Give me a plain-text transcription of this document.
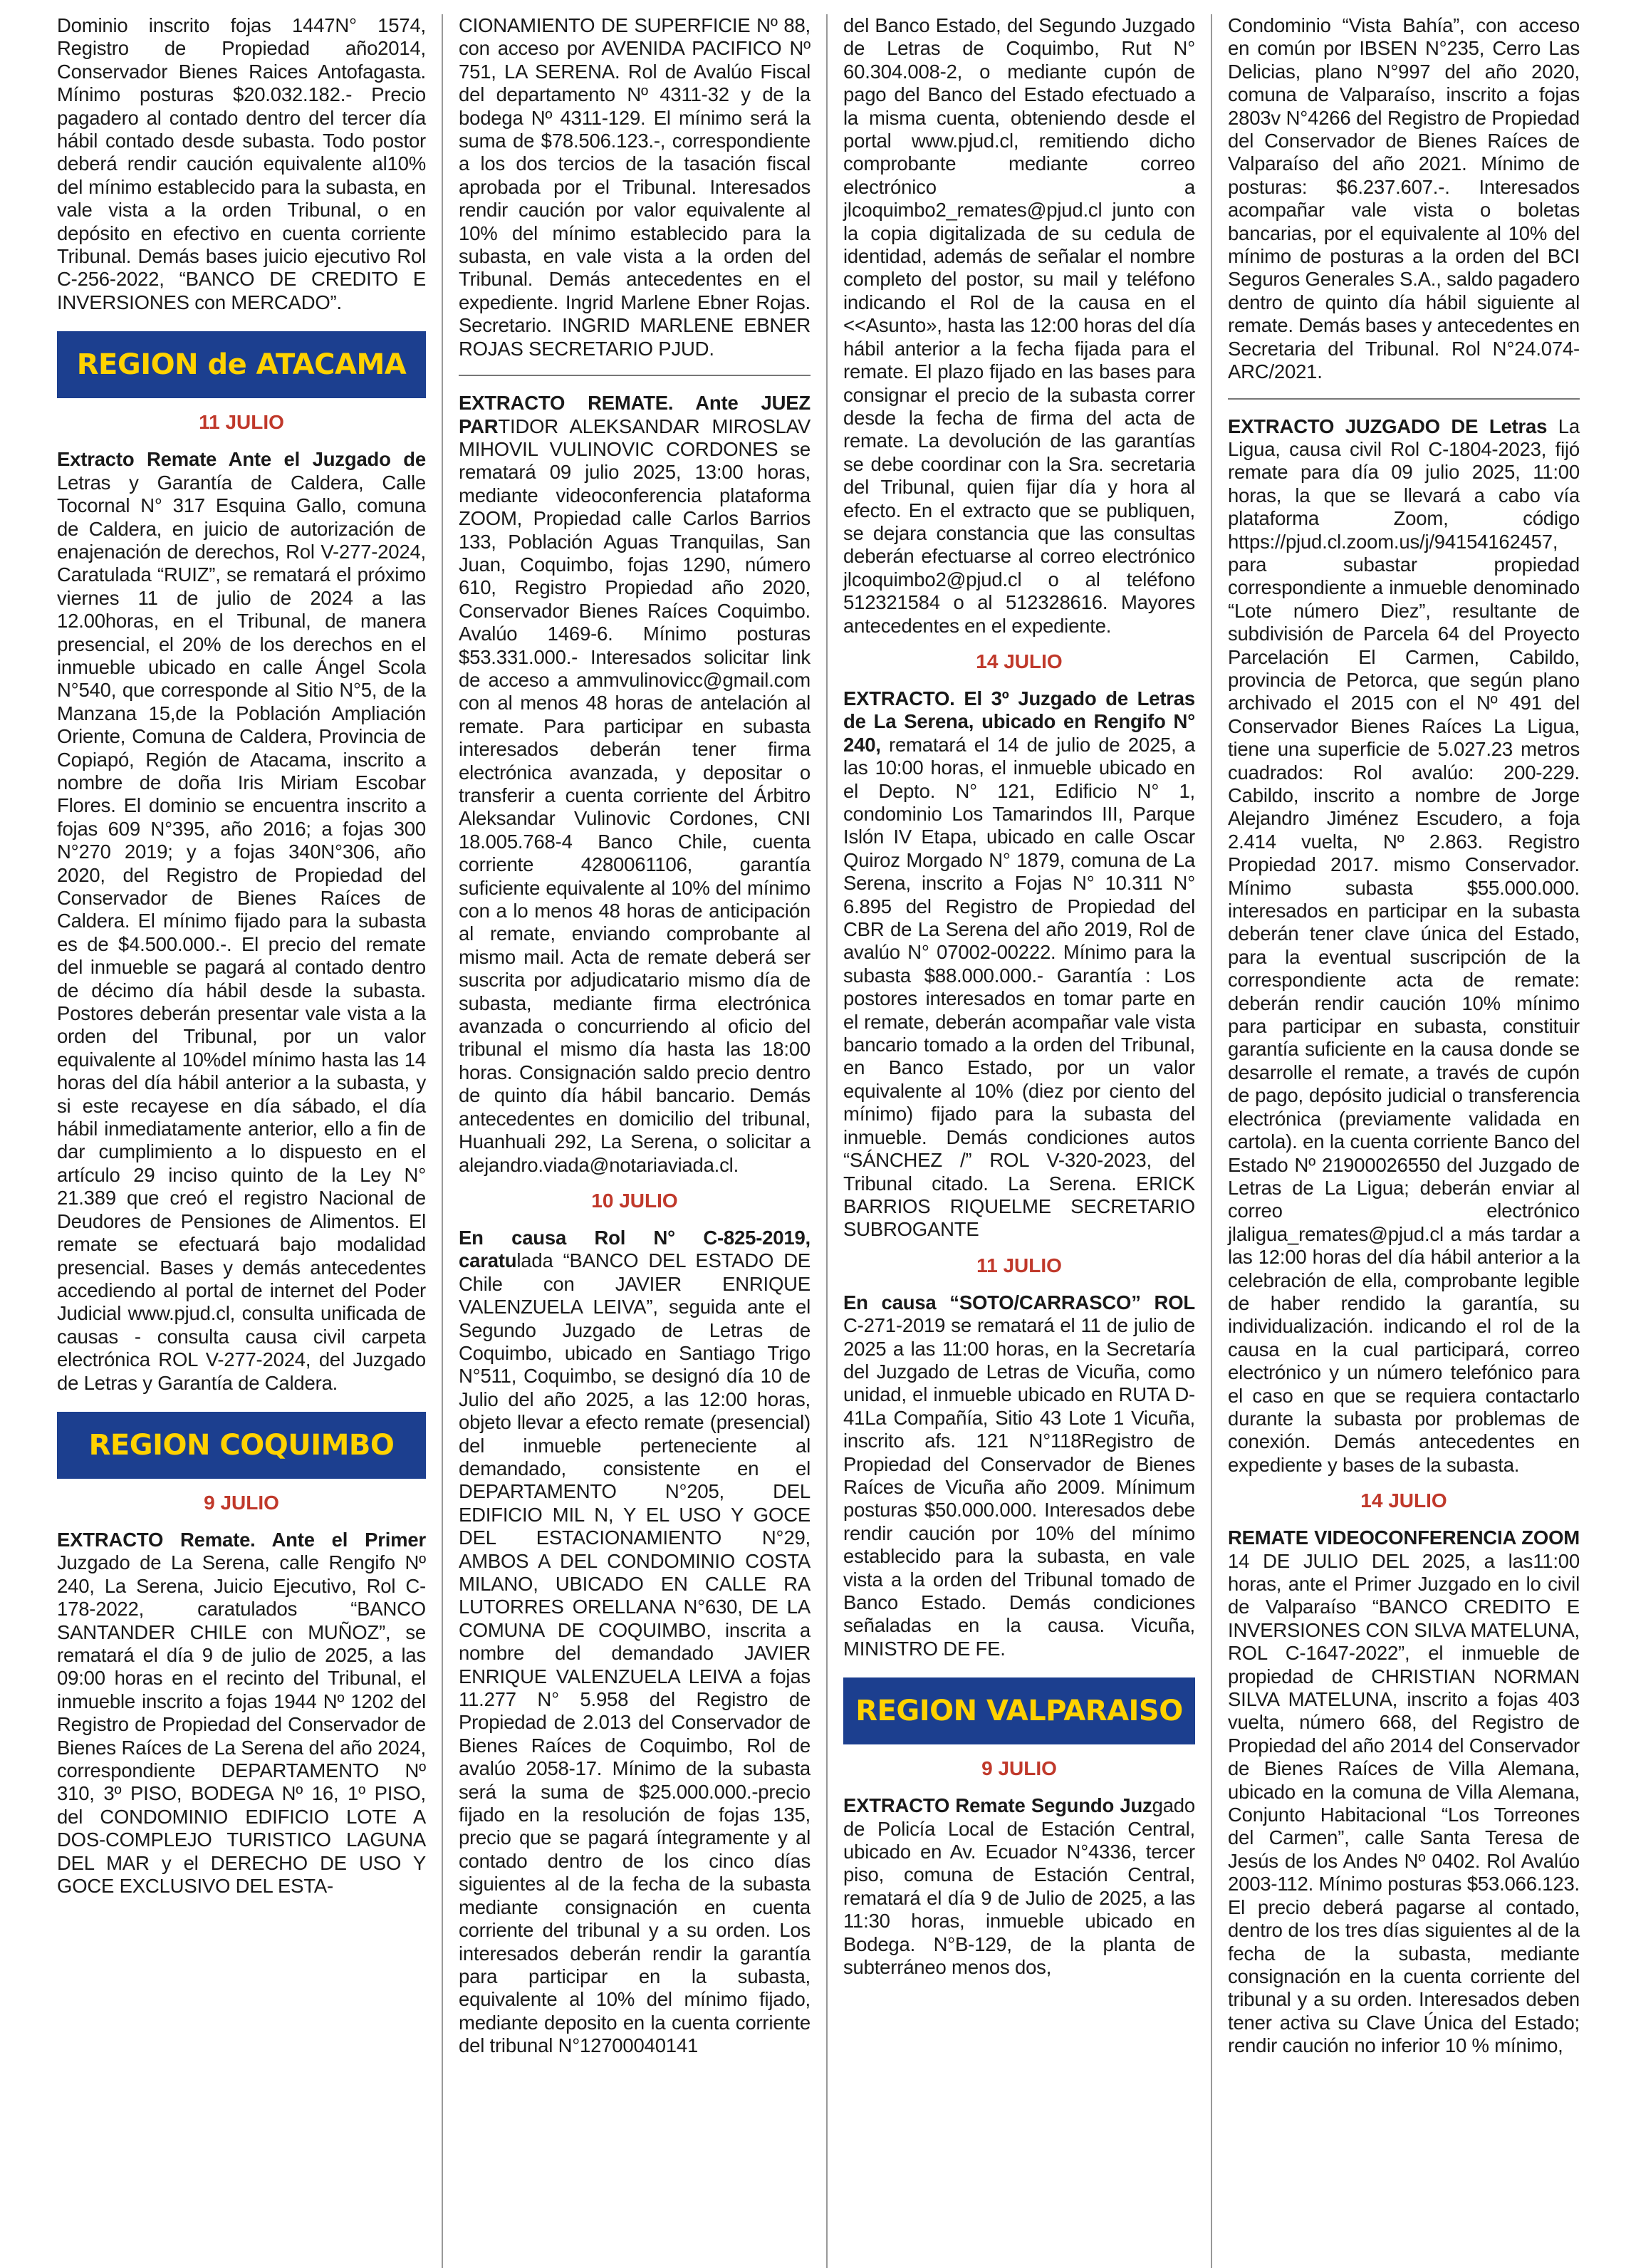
Dominio inscrito fojas 1447N° 1574, Registro de Propiedad año2014, Conservador Bienes Raices Antofagasta. Mínimo posturas $20.032.182.- Precio pagadero al contado dentro del tercer día hábil contado desde subasta. Todo postor deberá rendir caución equivalente al10% del mínimo establecido para la subasta, en vale vista a la orden Tribunal, o en depósito en efectivo en cuenta corriente Tribunal. Demás bases juicio ejecutivo Rol C-256-2022, “BANCO DE CREDITO E INVERSIONES con MERCADO”.

REGION de ATACAMA
11 JULIO

Extracto Remate Ante el Juzgado de Letras y Garantía de Caldera, Calle Tocornal N° 317 Esquina Gallo, comuna de Caldera, en juicio de autorización de enajenación de derechos, Rol V-277-2024, Caratulada “RUIZ”, se rematará el próximo viernes 11 de julio de 2024 a las 12.00horas, en el Tribunal, de manera presencial, el 20% de los derechos en el inmueble ubicado en calle Ángel Scola N°540, que corresponde al Sitio N°5, de la Manzana 15,de la Población Ampliación Oriente, Comuna de Caldera, Provincia de Copiapó, Región de Atacama, inscrito a nombre de doña Iris Miriam Escobar Flores. El dominio se encuentra inscrito a fojas 609 N°395, año 2016; a fojas 300 N°270 2019; y a fojas 340N°306, año 2020, del Registro de Propiedad del Conservador de Bienes Raíces de Caldera. El mínimo fijado para la subasta es de $4.500.000.-. El precio del remate del inmueble se pagará al contado dentro de décimo día hábil desde la subasta. Postores deberán presentar vale vista a la orden del Tribunal, por un valor equivalente al 10%del mínimo hasta las 14 horas del día hábil anterior a la subasta, y si este recayese en día sábado, el día hábil inmediatamente anterior, ello a fin de dar cumplimiento a lo dispuesto en el artículo 29 inciso quinto de la Ley N° 21.389 que creó el registro Nacional de Deudores de Pensiones de Alimentos. El remate se efectuará bajo modalidad presencial. Bases y demás antecedentes accediendo al portal de internet del Poder Judicial www.pjud.cl, consulta unificada de causas - consulta causa civil carpeta electrónica ROL V-277-2024, del Juzgado de Letras y Garantía de Caldera.

REGION COQUIMBO
9 JULIO

EXTRACTO Remate. Ante el Primer Juzgado de La Serena, calle Rengifo Nº 240, La Serena, Juicio Ejecutivo, Rol C-178-2022, caratulados “BANCO SANTANDER CHILE con MUÑOZ”, se rematará el día 9 de julio de 2025, a las 09:00 horas en el recinto del Tribunal, el inmueble inscrito a fojas 1944 Nº 1202 del Registro de Propiedad del Conservador de Bienes Raíces de La Serena del año 2024, correspondiente DEPARTAMENTO Nº 310, 3º PISO, BODEGA Nº 16, 1º PISO, del CONDOMINIO EDIFICIO LOTE A DOS-COMPLEJO TURISTICO LAGUNA DEL MAR y el DERECHO DE USO Y GOCE EXCLUSIVO DEL ESTA-

CIONAMIENTO DE SUPERFICIE Nº 88, con acceso por AVENIDA PACIFICO Nº 751, LA SERENA. Rol de Avalúo Fiscal del departamento Nº 4311-32 y de la bodega Nº 4311-129. El mínimo será la suma de $78.506.123.-, correspondiente a los dos tercios de la tasación fiscal aprobada por el Tribunal. Interesados rendir caución por valor equivalente al 10% del mínimo establecido para la subasta, en vale vista a la orden del Tribunal. Demás antecedentes en el expediente. Ingrid Marlene Ebner Rojas. Secretario. INGRID MARLENE EBNER ROJAS SECRETARIO PJUD.

EXTRACTO REMATE. Ante JUEZ PARTIDOR ALEKSANDAR MIROSLAV MIHOVIL VULINOVIC CORDONES se rematará 09 julio 2025, 13:00 horas, mediante videoconferencia plataforma ZOOM, Propiedad calle Carlos Barrios 133, Población Aguas Tranquilas, San Juan, Coquimbo, fojas 1290, número 610, Registro Propiedad año 2020, Conservador Bienes Raíces Coquimbo. Avalúo 1469-6. Mínimo posturas $53.331.000.- Interesados solicitar link de acceso a ammvulinovicc@gmail.com con al menos 48 horas de antelación al remate. Para participar en subasta interesados deberán tener firma electrónica avanzada, y depositar o transferir a cuenta corriente del Árbitro Aleksandar Vulinovic Cordones, CNI 18.005.768-4 Banco Chile, cuenta corriente 4280061106, garantía suficiente equivalente al 10% del mínimo con a lo menos 48 horas de anticipación al remate, enviando comprobante al mismo mail. Acta de remate deberá ser suscrita por adjudicatario mismo día de subasta, mediante firma electrónica avanzada o concurriendo al oficio del tribunal el mismo día hasta las 18:00 horas. Consignación saldo precio dentro de quinto día hábil bancario. Demás antecedentes en domicilio del tribunal, Huanhuali 292, La Serena, o solicitar a alejandro.viada@notariaviada.cl.

10 JULIO

En causa Rol N° C-825-2019, caratulada “BANCO DEL ESTADO DE Chile con JAVIER ENRIQUE VALENZUELA LEIVA”, seguida ante el Segundo Juzgado de Letras de Coquimbo, ubicado en Santiago Trigo N°511, Coquimbo, se designó día 10 de Julio del año 2025, a las 12:00 horas, objeto llevar a efecto remate (presencial) del inmueble perteneciente al demandado, consistente en el DEPARTAMENTO N°205, DEL EDIFICIO MIL N, Y EL USO Y GOCE DEL ESTACIONAMIENTO N°29, AMBOS A DEL CONDOMINIO COSTA MILANO, UBICADO EN CALLE RA LUTORRES ORELLANA N°630, DE LA COMUNA DE COQUIMBO, inscrita a nombre del demandado JAVIER ENRIQUE VALENZUELA LEIVA a fojas 11.277 N° 5.958 del Registro de Propiedad de 2.013 del Conservador de Bienes Raíces de Coquimbo, Rol de avalúo 2058-17. Mínimo de la subasta será la suma de $25.000.000.-precio fijado en la resolución de fojas 135, precio que se pagará íntegramente y al contado dentro de los cinco días siguientes al de la fecha de la subasta mediante consignación en cuenta corriente del tribunal y a su orden. Los interesados deberán rendir la garantía para participar en la subasta, equivalente al 10% del mínimo fijado, mediante deposito en la cuenta corriente del tribunal N°12700040141

del Banco Estado, del Segundo Juzgado de Letras de Coquimbo, Rut N° 60.304.008-2, o mediante cupón de pago del Banco del Estado efectuado a la misma cuenta, obteniendo desde el portal www.pjud.cl, remitiendo dicho comprobante mediante correo electrónico a jlcoquimbo2_remates@pjud.cl junto con la copia digitalizada de su cedula de identidad, además de señalar el nombre completo del postor, su mail y teléfono indicando el Rol de la causa en el <<Asunto», hasta las 12:00 horas del día hábil anterior a la fecha fijada para el remate. El plazo fijado en las bases para consignar el precio de la subasta correr desde la fecha de firma del acta de remate. La devolución de las garantías se debe coordinar con la Sra. secretaria del Tribunal, quien fijar día y hora al efecto. En el extracto que se publiquen, se dejara constancia que las consultas deberán efectuarse al correo electrónico jlcoquimbo2@pjud.cl o al teléfono 512321584 o al 512328616. Mayores antecedentes en el expediente.

14 JULIO

EXTRACTO. El 3º Juzgado de Letras de La Serena, ubicado en Rengifo N° 240, rematará el 14 de julio de 2025, a las 10:00 horas, el inmueble ubicado en el Depto. N° 121, Edificio N° 1, condominio Los Tamarindos III, Parque Islón IV Etapa, ubicado en calle Oscar Quiroz Morgado N° 1879, comuna de La Serena, inscrito a Fojas N° 10.311 N° 6.895 del Registro de Propiedad del CBR de La Serena del año 2019, Rol de avalúo N° 07002-00222. Mínimo para la subasta $88.000.000.- Garantía : Los postores interesados en tomar parte en el remate, deberán acompañar vale vista bancario tomado a la orden del Tribunal, en Banco Estado, por un valor equivalente al 10% (diez por ciento del mínimo) fijado para la subasta del inmueble. Demás condiciones autos “SÁNCHEZ /” ROL V-320-2023, del Tribunal citado. La Serena. ERICK BARRIOS RIQUELME SECRETARIO SUBROGANTE

11 JULIO

En causa “SOTO/CARRASCO” ROL C-271-2019 se rematará el 11 de julio de 2025 a las 11:00 horas, en la Secretaría del Juzgado de Letras de Vicuña, como unidad, el inmueble ubicado en RUTA D-41La Compañía, Sitio 43 Lote 1 Vicuña, inscrito afs. 121 N°118Registro de Propiedad del Conservador de Bienes Raíces de Vicuña año 2009. Mínimum posturas $50.000.000. Interesados debe rendir caución por 10% del mínimo establecido para la subasta, en vale vista a la orden del Tribunal tomado de Banco Estado. Demás condiciones señaladas en la causa. Vicuña, MINISTRO DE FE.

REGION VALPARAISO
9 JULIO

EXTRACTO Remate Segundo Juzgado de Policía Local de Estación Central, ubicado en Av. Ecuador N°4336, tercer piso, comuna de Estación Central, rematará el día 9 de Julio de 2025, a las 11:30 horas, inmueble ubicado en Bodega. N°B-129, de la planta de subterráneo menos dos,

Condominio “Vista Bahía”, con acceso en común por IBSEN N°235, Cerro Las Delicias, plano N°997 del año 2020, comuna de Valparaíso, inscrito a fojas 2803v N°4266 del Registro de Propiedad del Conservador de Bienes Raíces de Valparaíso del año 2021. Mínimo de posturas: $6.237.607.-. Interesados acompañar vale vista o boletas bancarias, por el equivalente al 10% del mínimo de posturas a la orden del BCI Seguros Generales S.A., saldo pagadero dentro de quinto día hábil siguiente al remate. Demás bases y antecedentes en Secretaria del Tribunal. Rol N°24.074-ARC/2021.

EXTRACTO JUZGADO DE Letras La Ligua, causa civil Rol C-1804-2023, fijó remate para día 09 julio 2025, 11:00 horas, la que se llevará a cabo vía plataforma Zoom, código https://pjud.cl.zoom.us/j/94154162457, para subastar propiedad correspondiente a inmueble denominado “Lote número Diez”, resultante de subdivisión de Parcela 64 del Proyecto Parcelación El Carmen, Cabildo, provincia de Petorca, que según plano archivado el 2015 con el Nº 491 del Conservador Bienes Raíces La Ligua, tiene una superficie de 5.027.23 metros cuadrados: Rol avalúo: 200-229. Cabildo, inscrito a nombre de Jorge Alejandro Jiménez Escudero, a foja 2.414 vuelta, Nº 2.863. Registro Propiedad 2017. mismo Conservador. Mínimo subasta $55.000.000. interesados en participar en la subasta deberán tener clave única del Estado, para la eventual suscripción de la correspondiente acta de remate: deberán rendir caución 10% mínimo para participar en subasta, constituir garantía suficiente en la causa donde se desarrolle el remate, a través de cupón de pago, depósito judicial o transferencia electrónica (previamente validada en cartola). en la cuenta corriente Banco del Estado Nº 21900026550 del Juzgado de Letras de La Ligua; deberán enviar al correo electrónico jlaligua_remates@pjud.cl a más tardar a las 12:00 horas del día hábil anterior a la celebración de ella, comprobante legible de haber rendido la garantía, su individualización. indicando el rol de la causa en la cual participará, correo electrónico y un número telefónico para el caso en que se requiera contactarlo durante la subasta por problemas de conexión. Demás antecedentes en expediente y bases de la subasta.

14 JULIO

REMATE VIDEOCONFERENCIA ZOOM 14 DE JULIO DEL 2025, a las11:00 horas, ante el Primer Juzgado en lo civil de Valparaíso “BANCO CREDITO E INVERSIONES CON SILVA MATELUNA, ROL C-1647-2022”, el inmueble de propiedad de CHRISTIAN NORMAN SILVA MATELUNA, inscrito a fojas 403 vuelta, número 668, del Registro de Propiedad del año 2014 del Conservador de Bienes Raíces de Villa Alemana, ubicado en la comuna de Villa Alemana, Conjunto Habitacional “Los Torreones del Carmen”, calle Santa Teresa de Jesús de los Andes Nº 0402. Rol Avalúo 2003-112. Mínimo posturas $53.066.123. El precio deberá pagarse al contado, dentro de los tres días siguientes al de la fecha de la subasta, mediante consignación en la cuenta corriente del tribunal y a su orden. Interesados deben tener activa su Clave Única del Estado; rendir caución no inferior 10 % mínimo,
